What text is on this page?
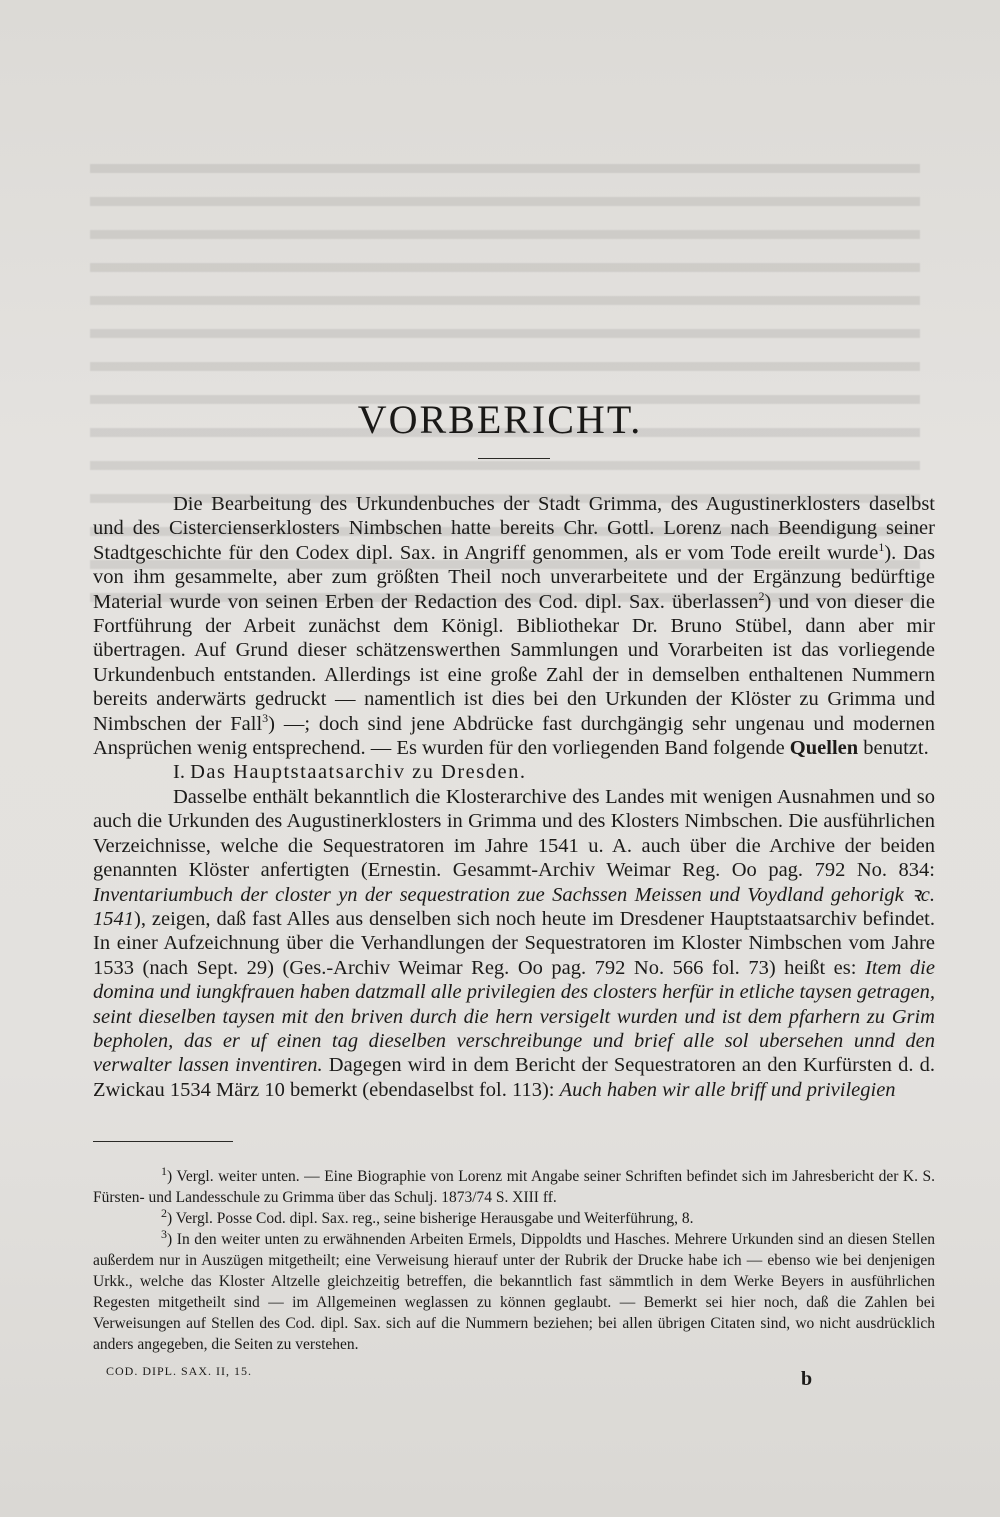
VORBERICHT.

Die Bearbeitung des Urkundenbuches der Stadt Grimma, des Augustinerklosters daselbst und des Cistercienserklosters Nimbschen hatte bereits Chr. Gottl. Lorenz nach Beendigung seiner Stadtgeschichte für den Codex dipl. Sax. in Angriff genommen, als er vom Tode ereilt wurde$^1$). Das von ihm gesammelte, aber zum größten Theil noch unverarbeitete und der Ergänzung bedürftige Material wurde von seinen Erben der Redaction des Cod. dipl. Sax. überlassen$^2$) und von dieser die Fortführung der Arbeit zunächst dem Königl. Bibliothekar Dr. Bruno Stübel, dann aber mir übertragen. Auf Grund dieser schätzenswerthen Sammlungen und Vorarbeiten ist das vorliegende Urkundenbuch entstanden. Allerdings ist eine große Zahl der in demselben enthaltenen Nummern bereits anderwärts gedruckt — namentlich ist dies bei den Urkunden der Klöster zu Grimma und Nimbschen der Fall$^3$) —; doch sind jene Abdrücke fast durchgängig sehr ungenau und modernen Ansprüchen wenig entsprechend. — Es wurden für den vorliegenden Band folgende Quellen benutzt.

I. Das Hauptstaatsarchiv zu Dresden.

Dasselbe enthält bekanntlich die Klosterarchive des Landes mit wenigen Ausnahmen und so auch die Urkunden des Augustinerklosters in Grimma und des Klosters Nimbschen. Die ausführlichen Verzeichnisse, welche die Sequestratoren im Jahre 1541 u. A. auch über die Archive der beiden genannten Klöster anfertigten (Ernestin. Gesammt-Archiv Weimar Reg. Oo pag. 792 No. 834: Inventariumbuch der closter yn der sequestration zue Sachssen Meissen und Voydland gehorigk ꝛc. 1541), zeigen, daß fast Alles aus denselben sich noch heute im Dresdener Hauptstaatsarchiv befindet. In einer Aufzeichnung über die Verhandlungen der Sequestratoren im Kloster Nimbschen vom Jahre 1533 (nach Sept. 29) (Ges.-Archiv Weimar Reg. Oo pag. 792 No. 566 fol. 73) heißt es: Item die domina und iungkfrauen haben datzmall alle privilegien des closters herfür in etliche taysen getragen, seint dieselben taysen mit den briven durch die hern versigelt wurden und ist dem pfarhern zu Grim bepholen, das er uf einen tag dieselben verschreibunge und brief alle sol ubersehen unnd den verwalter lassen inventiren. Dagegen wird in dem Bericht der Sequestratoren an den Kurfürsten d. d. Zwickau 1534 März 10 bemerkt (ebendaselbst fol. 113): Auch haben wir alle briff und privilegien

$^1$) Vergl. weiter unten. — Eine Biographie von Lorenz mit Angabe seiner Schriften befindet sich im Jahresbericht der K. S. Fürsten- und Landesschule zu Grimma über das Schulj. 1873/74 S. XIII ff.

$^2$) Vergl. Posse Cod. dipl. Sax. reg., seine bisherige Herausgabe und Weiterführung, 8.

$^3$) In den weiter unten zu erwähnenden Arbeiten Ermels, Dippoldts und Hasches. Mehrere Urkunden sind an diesen Stellen außerdem nur in Auszügen mitgetheilt; eine Verweisung hierauf unter der Rubrik der Drucke habe ich — ebenso wie bei denjenigen Urkk., welche das Kloster Altzelle gleichzeitig betreffen, die bekanntlich fast sämmtlich in dem Werke Beyers in ausführlichen Regesten mitgetheilt sind — im Allgemeinen weglassen zu können geglaubt. — Bemerkt sei hier noch, daß die Zahlen bei Verweisungen auf Stellen des Cod. dipl. Sax. sich auf die Nummern beziehen; bei allen übrigen Citaten sind, wo nicht ausdrücklich anders angegeben, die Seiten zu verstehen.

COD. DIPL. SAX. II, 15.	b
